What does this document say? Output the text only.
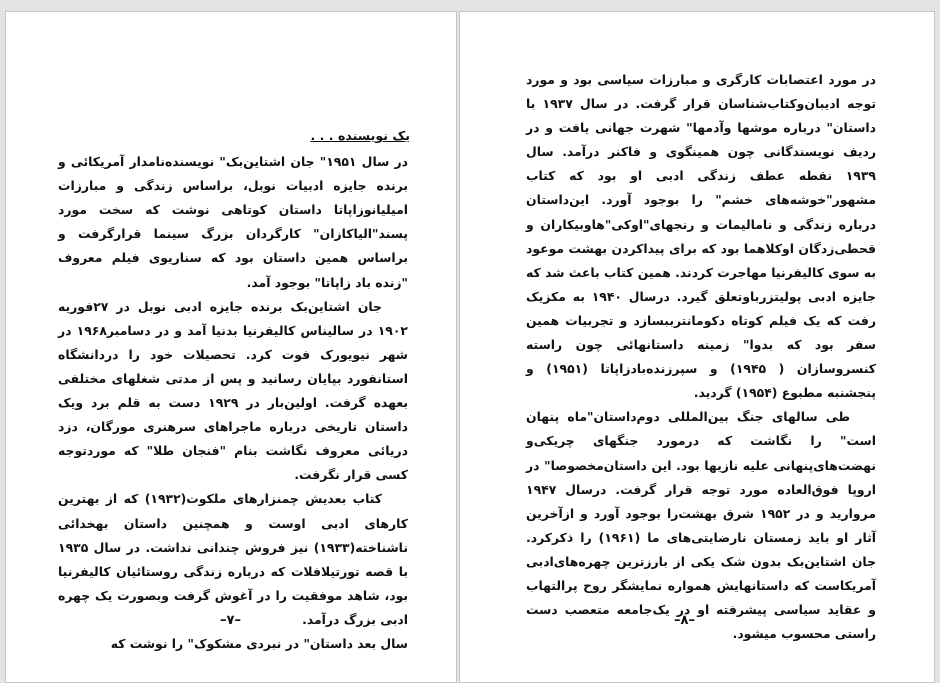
یک نویسنده . . .

در سال ۱۹۵۱" جان اشتاین‌بک" نویسنده‌نامدار آمریکائی و برنده جایزه ادبیات نوبل، براساس زندگی و مبارزات امیلیانوزاپاتا داستان کوتاهی نوشت که سخت مورد پسند"الیاکازان" کارگردان بزرگ سینما قرارگرفت و براساس همین داستان بود که سناریوی فیلم معروف "زنده باد زاپاتا" بوجود آمد.

جان اشتاین‌بک برنده جایزه ادبی نوبل در ۲۷فوریه ۱۹۰۲ در سالیناس کالیفرنیا بدنیا آمد و در دسامبر۱۹۶۸ در شهر نیویورک فوت کرد. تحصیلات خود را دردانشگاه استانفورد بپایان رسانید و پس از مدتی شغلهای مختلفی بعهده گرفت. اولین‌بار در ۱۹۲۹ دست به قلم برد ویک داستان تاریخی درباره ماجراهای سرهنری مورگان، دزد دریائی معروف نگاشت بنام "فنجان طلا" که موردتوجه کسی قرار نگرفت.

کتاب بعدیش چمنزارهای ملکوت(۱۹۳۲) که از بهترین کارهای ادبی اوست و همچنین داستان بهخدائی ناشناخته(۱۹۳۳) نیز فروش چندانی نداشت. در سال ۱۹۳۵ با قصه تورتیلافلات که درباره زندگی روستائیان کالیفرنیا بود، شاهد موفقیت را در آغوش گرفت وبصورت یک چهره ادبی بزرگ درآمد.

سال بعد داستان" در نبردی مشکوک" را نوشت که

–۷–

در مورد اعتصابات کارگری و مبارزات سیاسی بود و مورد توجه ادیبان‌وکتاب‌شناسان قرار گرفت. در سال ۱۹۳۷ با داستان" درباره موشها وآدمها" شهرت جهانی یافت و در ردیف نویسندگانی چون همینگوی و فاکنر درآمد. سال ۱۹۳۹ نقطه عطف زندگی ادبی او بود که کتاب مشهور"خوشه‌های خشم" را بوجود آورد. این‌داستان درباره زندگی و نامالیمات و رنجهای"اوکی"هاوبیکاران و قحطی‌زدگان اوکلاهما بود که برای پیداکردن بهشت موعود به سوی کالیفرنیا مهاجرت کردند. همین کتاب باعث شد که جایزه ادبی پولیتزرباو‌تعلق گیرد. درسال ۱۹۴۰ به مکزیک رفت که یک فیلم کوتاه دکومانترببسازد و تجربیات همین سفر بود که بدوا" زمینه داستانهائی چون راسته کنسروسازان ( ۱۹۴۵) و سپرزنده‌بادزاپاتا (۱۹۵۱) و پنجشنبه مطبوع (۱۹۵۴) گردید.

طی سالهای جنگ بین‌المللی دوم‌داستان"ماه پنهان است" را نگاشت که درمورد جنگهای چریکی‌و نهضت‌های‌پنهانی علیه نازیها بود. این داستان‌مخصوصا" در اروپا فوق‌العاده مورد توجه قرار گرفت. درسال ۱۹۴۷ مروارید و در ۱۹۵۲ شرق بهشت‌را بوجود آورد و ازآخرین آثار او باید زمستان نارضایتی‌های ما (۱۹۶۱) را ذکرکرد. جان اشتاین‌بک بدون شک یکی از بارزترین چهره‌های‌ادبی آمریکاست که داستانهایش همواره نمایشگر روح پرالتهاب و عقاید سیاسی پیشرفته او در یک‌جامعه متعصب دست راستی محسوب میشود.

–۸–
